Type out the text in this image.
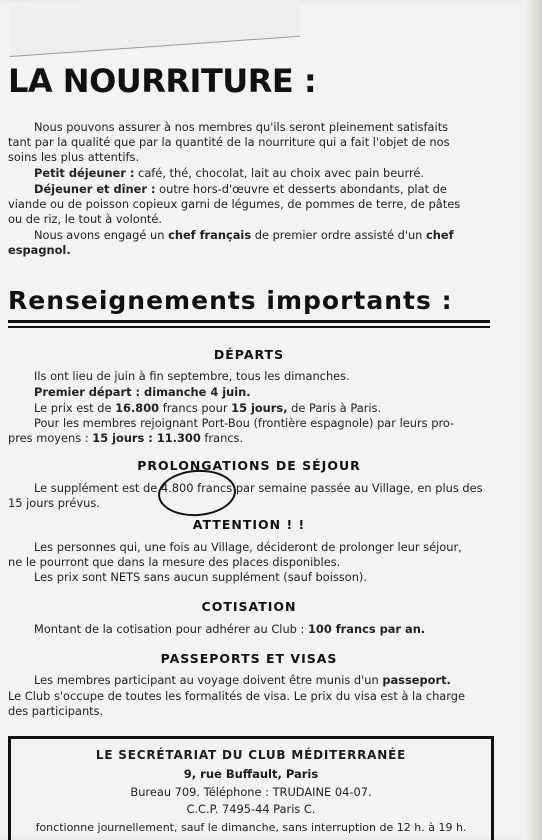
LA NOURRITURE :
Nous pouvons assurer à nos membres qu'ils seront pleinement satisfaits
tant par la qualité que par la quantité de la nourriture qui a fait l'objet de nos
soins les plus attentifs.
Petit déjeuner : café, thé, chocolat, lait au choix avec pain beurré.
Déjeuner et dîner : outre hors-d'œuvre et desserts abondants, plat de
viande ou de poisson copieux garni de légumes, de pommes de terre, de pâtes
ou de riz, le tout à volonté.
Nous avons engagé un chef français de premier ordre assisté d'un chef
espagnol.
Renseignements importants :
DÉPARTS
Ils ont lieu de juin à fin septembre, tous les dimanches.
Premier départ : dimanche 4 juin.
Le prix est de 16.800 francs pour 15 jours, de Paris à Paris.
Pour les membres rejoignant Port-Bou (frontière espagnole) par leurs pro-
pres moyens : 15 jours : 11.300 francs.
PROLONGATIONS DE SÉJOUR
Le supplément est de 4.800 francs par semaine passée au Village, en plus des
15 jours prévus.
ATTENTION ! !
Les personnes qui, une fois au Village, décideront de prolonger leur séjour,
ne le pourront que dans la mesure des places disponibles.
Les prix sont NETS sans aucun supplément (sauf boisson).
COTISATION
Montant de la cotisation pour adhérer au Club : 100 francs par an.
PASSEPORTS ET VISAS
Les membres participant au voyage doivent être munis d'un passeport.
Le Club s'occupe de toutes les formalités de visa. Le prix du visa est à la charge
des participants.
LE SECRÉTARIAT DU CLUB MÉDITERRANÉE
9, rue Buffault, Paris
Bureau 709. Téléphone : TRUDAINE 04-07.
C.C.P. 7495-44 Paris C.
fonctionne journellement, sauf le dimanche, sans interruption de 12 h. à 19 h.
